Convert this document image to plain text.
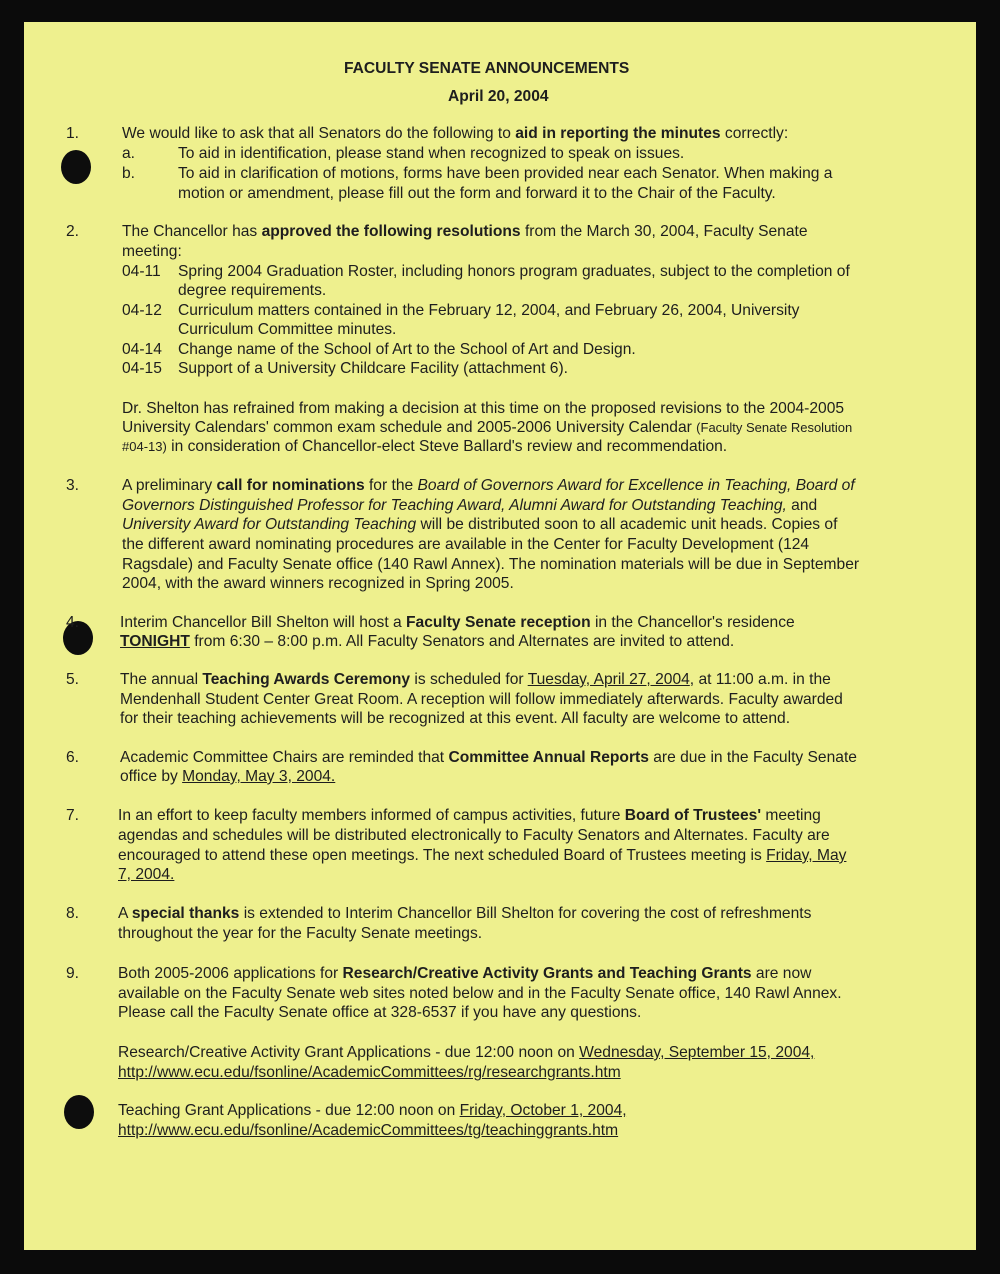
FACULTY SENATE ANNOUNCEMENTS
April 20, 2004
1.	We would like to ask that all Senators do the following to aid in reporting the minutes correctly:
a.	To aid in identification, please stand when recognized to speak on issues.
b.	To aid in clarification of motions, forms have been provided near each Senator. When making a
motion or amendment, please fill out the form and forward it to the Chair of the Faculty.
2.	The Chancellor has approved the following resolutions from the March 30, 2004, Faculty Senate
meeting:
04-11 Spring 2004 Graduation Roster, including honors program graduates, subject to the completion of
degree requirements.
04-12 Curriculum matters contained in the February 12, 2004, and February 26, 2004, University
Curriculum Committee minutes.
04-14 Change name of the School of Art to the School of Art and Design.
04-15 Support of a University Childcare Facility (attachment 6).
Dr. Shelton has refrained from making a decision at this time on the proposed revisions to the 2004-2005
University Calendars' common exam schedule and 2005-2006 University Calendar (Faculty Senate Resolution
#04-13) in consideration of Chancellor-elect Steve Ballard's review and recommendation.
3.	A preliminary call for nominations for the Board of Governors Award for Excellence in Teaching, Board of
Governors Distinguished Professor for Teaching Award, Alumni Award for Outstanding Teaching, and
University Award for Outstanding Teaching will be distributed soon to all academic unit heads. Copies of
the different award nominating procedures are available in the Center for Faculty Development (124
Ragsdale) and Faculty Senate office (140 Rawl Annex). The nomination materials will be due in September
2004, with the award winners recognized in Spring 2005.
4.	Interim Chancellor Bill Shelton will host a Faculty Senate reception in the Chancellor's residence
TONIGHT from 6:30 – 8:00 p.m. All Faculty Senators and Alternates are invited to attend.
5.	The annual Teaching Awards Ceremony is scheduled for Tuesday, April 27, 2004, at 11:00 a.m. in the
Mendenhall Student Center Great Room. A reception will follow immediately afterwards. Faculty awarded
for their teaching achievements will be recognized at this event. All faculty are welcome to attend.
6.	Academic Committee Chairs are reminded that Committee Annual Reports are due in the Faculty Senate
office by Monday, May 3, 2004.
7. In an effort to keep faculty members informed of campus activities, future Board of Trustees' meeting
agendas and schedules will be distributed electronically to Faculty Senators and Alternates. Faculty are
encouraged to attend these open meetings. The next scheduled Board of Trustees meeting is Friday, May
7, 2004.
8. A special thanks is extended to Interim Chancellor Bill Shelton for covering the cost of refreshments
throughout the year for the Faculty Senate meetings.
9. Both 2005-2006 applications for Research/Creative Activity Grants and Teaching Grants are now
available on the Faculty Senate web sites noted below and in the Faculty Senate office, 140 Rawl Annex.
Please call the Faculty Senate office at 328-6537 if you have any questions.
Research/Creative Activity Grant Applications - due 12:00 noon on Wednesday, September 15, 2004,
http://www.ecu.edu/fsonline/AcademicCommittees/rg/researchgrants.htm
Teaching Grant Applications - due 12:00 noon on Friday, October 1, 2004,
http://www.ecu.edu/fsonline/AcademicCommittees/tg/teachinggrants.htm
